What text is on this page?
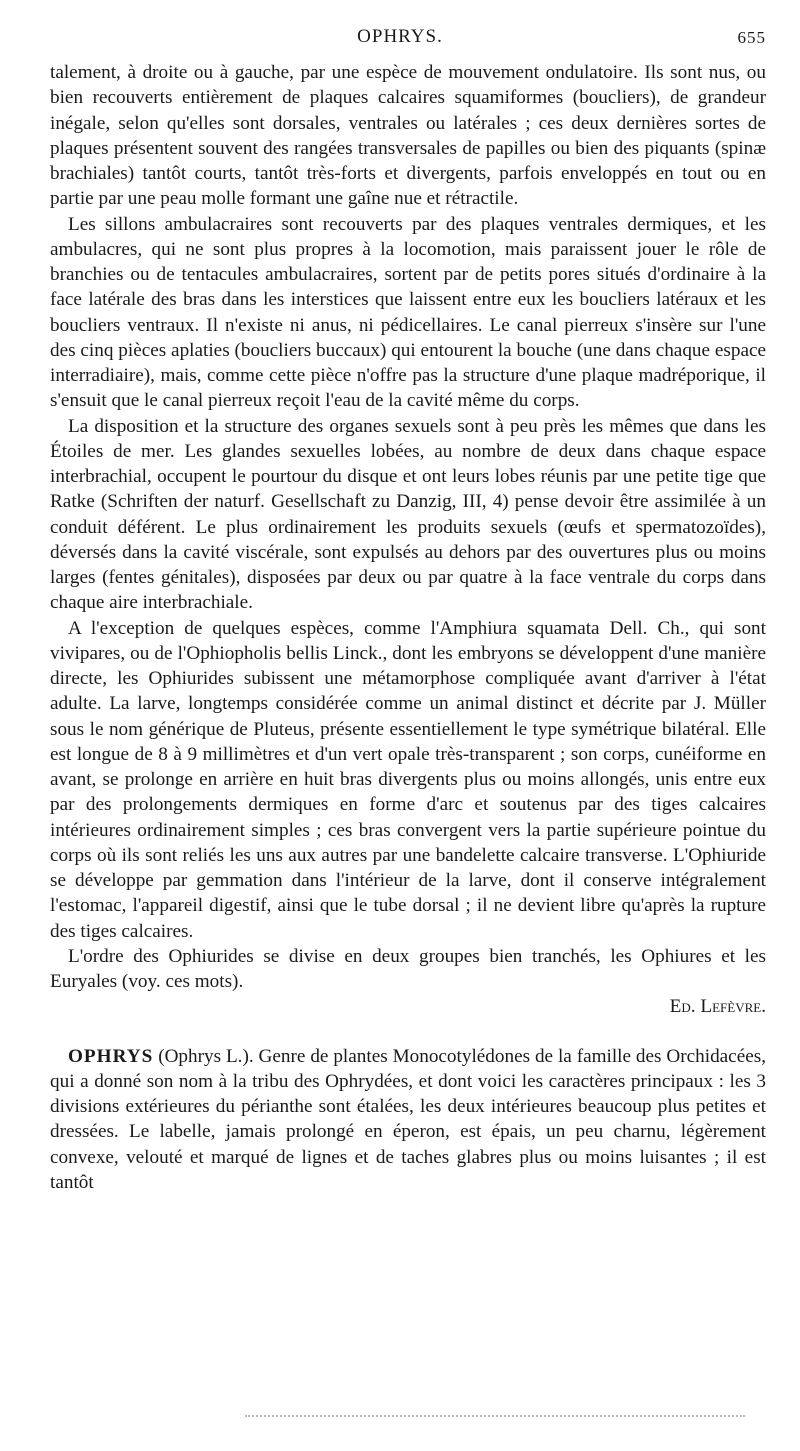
OPHRYS.	655

talement, à droite ou à gauche, par une espèce de mouvement ondulatoire. Ils sont nus, ou bien recouverts entièrement de plaques calcaires squamiformes (boucliers), de grandeur inégale, selon qu'elles sont dorsales, ventrales ou latérales ; ces deux dernières sortes de plaques présentent souvent des rangées transversales de papilles ou bien des piquants (spinæ brachiales) tantôt courts, tantôt très-forts et divergents, parfois enveloppés en tout ou en partie par une peau molle formant une gaîne nue et rétractile.

Les sillons ambulacraires sont recouverts par des plaques ventrales dermiques, et les ambulacres, qui ne sont plus propres à la locomotion, mais paraissent jouer le rôle de branchies ou de tentacules ambulacraires, sortent par de petits pores situés d'ordinaire à la face latérale des bras dans les interstices que laissent entre eux les boucliers latéraux et les boucliers ventraux. Il n'existe ni anus, ni pédicellaires. Le canal pierreux s'insère sur l'une des cinq pièces aplaties (boucliers buccaux) qui entourent la bouche (une dans chaque espace interradiaire), mais, comme cette pièce n'offre pas la structure d'une plaque madréporique, il s'ensuit que le canal pierreux reçoit l'eau de la cavité même du corps.

La disposition et la structure des organes sexuels sont à peu près les mêmes que dans les Étoiles de mer. Les glandes sexuelles lobées, au nombre de deux dans chaque espace interbrachial, occupent le pourtour du disque et ont leurs lobes réunis par une petite tige que Ratke (Schriften der naturf. Gesellschaft zu Danzig, III, 4) pense devoir être assimilée à un conduit déférent. Le plus ordinairement les produits sexuels (œufs et spermatozoïdes), déversés dans la cavité viscérale, sont expulsés au dehors par des ouvertures plus ou moins larges (fentes génitales), disposées par deux ou par quatre à la face ventrale du corps dans chaque aire interbrachiale.

A l'exception de quelques espèces, comme l'Amphiura squamata Dell. Ch., qui sont vivipares, ou de l'Ophiopholis bellis Linck., dont les embryons se développent d'une manière directe, les Ophiurides subissent une métamorphose compliquée avant d'arriver à l'état adulte. La larve, longtemps considérée comme un animal distinct et décrite par J. Müller sous le nom générique de Pluteus, présente essentiellement le type symétrique bilatéral. Elle est longue de 8 à 9 millimètres et d'un vert opale très-transparent ; son corps, cunéiforme en avant, se prolonge en arrière en huit bras divergents plus ou moins allongés, unis entre eux par des prolongements dermiques en forme d'arc et soutenus par des tiges calcaires intérieures ordinairement simples ; ces bras convergent vers la partie supérieure pointue du corps où ils sont reliés les uns aux autres par une bandelette calcaire transverse. L'Ophiuride se développe par gemmation dans l'intérieur de la larve, dont il conserve intégralement l'estomac, l'appareil digestif, ainsi que le tube dorsal ; il ne devient libre qu'après la rupture des tiges calcaires.

L'ordre des Ophiurides se divise en deux groupes bien tranchés, les Ophiures et les Euryales (voy. ces mots).

Ed. Lefèvre.

OPHRYS (Ophrys L.). Genre de plantes Monocotylédones de la famille des Orchidacées, qui a donné son nom à la tribu des Ophrydées, et dont voici les caractères principaux : les 3 divisions extérieures du périanthe sont étalées, les deux intérieures beaucoup plus petites et dressées. Le labelle, jamais prolongé en éperon, est épais, un peu charnu, légèrement convexe, velouté et marqué de lignes et de taches glabres plus ou moins luisantes ; il est tantôt
